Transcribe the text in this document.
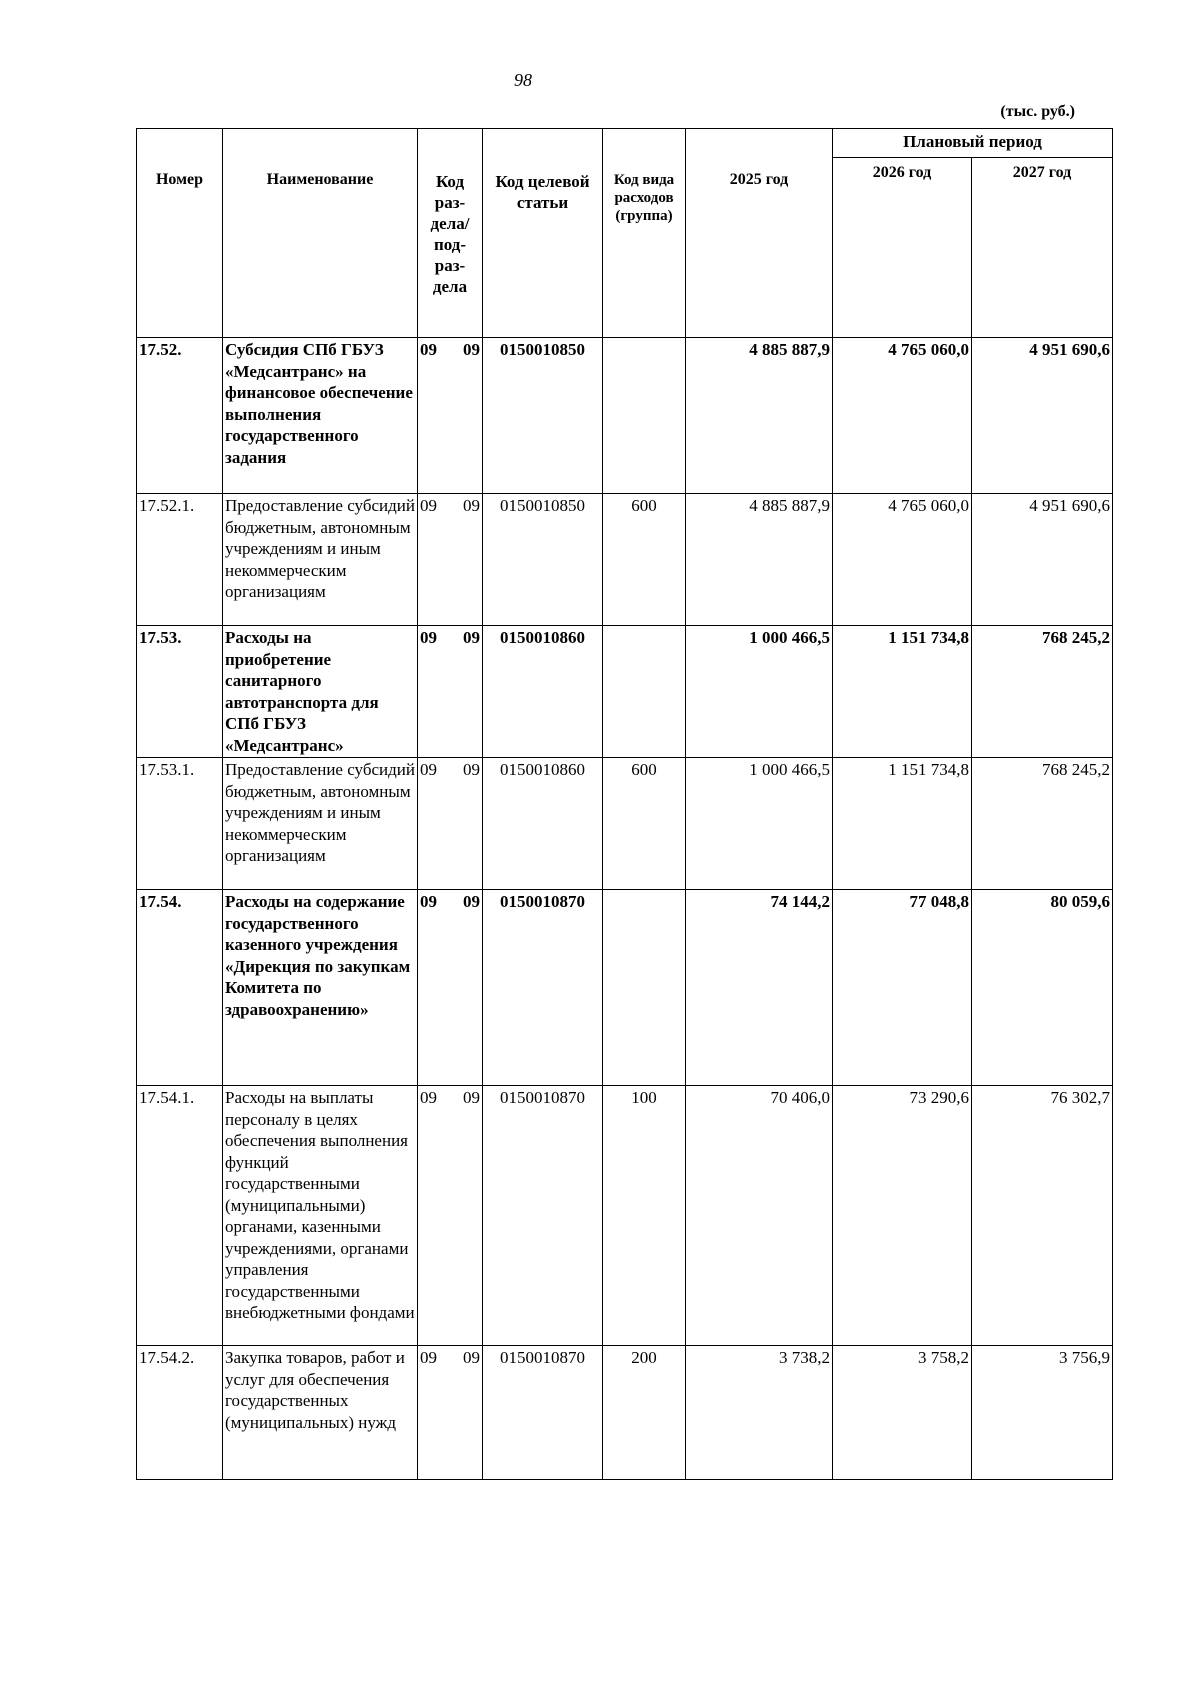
98
(тыс. руб.)
Номер	Наименование	Код раз-дела/ под-раз-дела	Код целевой статьи	Код вида расходов (группа)	2025 год	Плановый период	
						2026 год	2027 год
17.52.	Субсидия СПб ГБУЗ «Медсантранс» на финансовое обеспечение выполнения государственного задания	09 09	0150010850		4 885 887,9	4 765 060,0	4 951 690,6
17.52.1.	Предоставление субсидий бюджетным, автономным учреждениям и иным некоммерческим организациям	09 09	0150010850	600	4 885 887,9	4 765 060,0	4 951 690,6
17.53.	Расходы на приобретение санитарного автотранспорта для СПб ГБУЗ «Медсантранс»	09 09	0150010860		1 000 466,5	1 151 734,8	768 245,2
17.53.1.	Предоставление субсидий бюджетным, автономным учреждениям и иным некоммерческим организациям	09 09	0150010860	600	1 000 466,5	1 151 734,8	768 245,2
17.54.	Расходы на содержание государственного казенного учреждения «Дирекция по закупкам Комитета по здравоохранению»	09 09	0150010870		74 144,2	77 048,8	80 059,6
17.54.1.	Расходы на выплаты персоналу в целях обеспечения выполнения функций государственными (муниципальными) органами, казенными учреждениями, органами управления государственными внебюджетными фондами	09 09	0150010870	100	70 406,0	73 290,6	76 302,7
17.54.2.	Закупка товаров, работ и услуг для обеспечения государственных (муниципальных) нужд	09 09	0150010870	200	3 738,2	3 758,2	3 756,9
